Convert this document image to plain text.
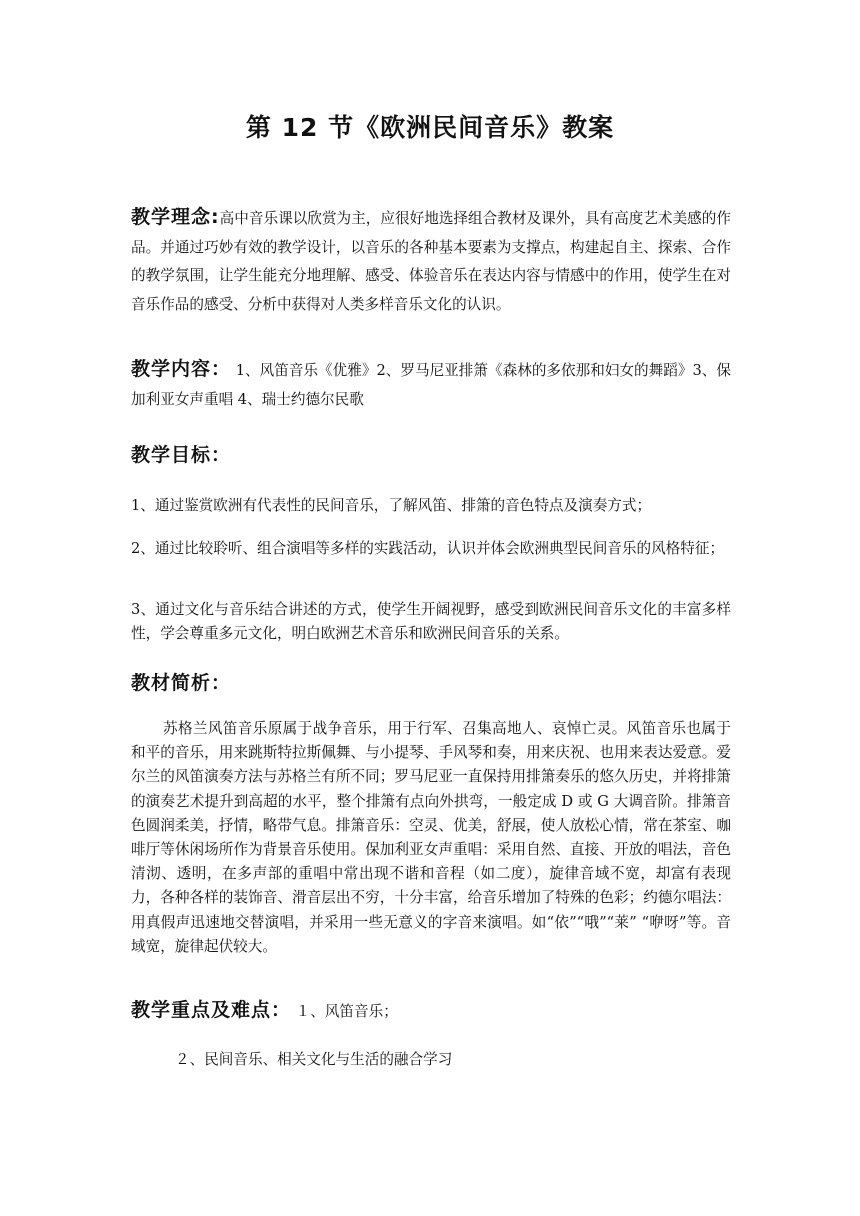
第 12 节《欧洲民间音乐》教案

教学理念:高中音乐课以欣赏为主，应很好地选择组合教材及课外，具有高度艺术美感的作品。并通过巧妙有效的教学设计，以音乐的各种基本要素为支撑点，构建起自主、探索、合作的教学氛围，让学生能充分地理解、感受、体验音乐在表达内容与情感中的作用，使学生在对音乐作品的感受、分析中获得对人类多样音乐文化的认识。

教学内容： 1、风笛音乐《优雅》2、罗马尼亚排箫《森林的多依那和妇女的舞蹈》3、保加利亚女声重唱 4、瑞士约德尔民歌

教学目标：

1、通过鉴赏欧洲有代表性的民间音乐，了解风笛、排箫的音色特点及演奏方式；

2、通过比较聆听、组合演唱等多样的实践活动，认识并体会欧洲典型民间音乐的风格特征；

3、通过文化与音乐结合讲述的方式，使学生开阔视野，感受到欧洲民间音乐文化的丰富多样性，学会尊重多元文化，明白欧洲艺术音乐和欧洲民间音乐的关系。

教材简析：

苏格兰风笛音乐原属于战争音乐，用于行军、召集高地人、哀悼亡灵。风笛音乐也属于和平的音乐，用来跳斯特拉斯佩舞、与小提琴、手风琴和奏，用来庆祝、也用来表达爱意。爱尔兰的风笛演奏方法与苏格兰有所不同；罗马尼亚一直保持用排箫奏乐的悠久历史，并将排箫的演奏艺术提升到高超的水平，整个排箫有点向外拱弯，一般定成 D 或 G 大调音阶。排箫音色圆润柔美，抒情，略带气息。排箫音乐：空灵、优美，舒展，使人放松心情，常在茶室、咖啡厅等休闲场所作为背景音乐使用。保加利亚女声重唱：采用自然、直接、开放的唱法，音色清沏、透明，在多声部的重唱中常出现不谐和音程（如二度），旋律音域不宽，却富有表现力，各种各样的装饰音、滑音层出不穷，十分丰富，给音乐增加了特殊的色彩；约德尔唱法：用真假声迅速地交替演唱，并采用一些无意义的字音来演唱。如“依”“哦”“莱” “咿呀”等。音域宽，旋律起伏较大。

教学重点及难点： １、风笛音乐；

２、民间音乐、相关文化与生活的融合学习
